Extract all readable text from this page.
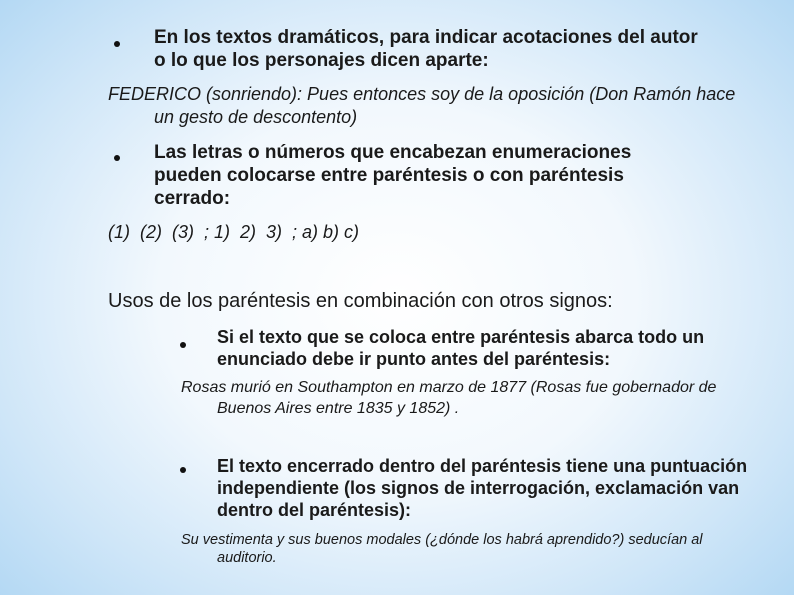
En los textos dramáticos, para indicar acotaciones del autor o lo que los personajes dicen aparte:
FEDERICO (sonriendo): Pues entonces soy de la oposición (Don Ramón hace un gesto de descontento)
Las letras o números que encabezan enumeraciones pueden colocarse entre paréntesis o con paréntesis cerrado:
(1)  (2)  (3)  ; 1)  2)  3)  ; a) b) c)
Usos de los paréntesis en combinación con otros signos:
Si el texto que se coloca entre paréntesis abarca todo un enunciado debe ir punto antes del paréntesis:
Rosas murió en Southampton en marzo de 1877 (Rosas fue gobernador de Buenos Aires entre 1835 y 1852) .
El texto encerrado dentro del paréntesis tiene una puntuación independiente (los signos de interrogación, exclamación van dentro del paréntesis):
Su vestimenta y sus buenos modales (¿dónde los habrá aprendido?) seducían al auditorio.
